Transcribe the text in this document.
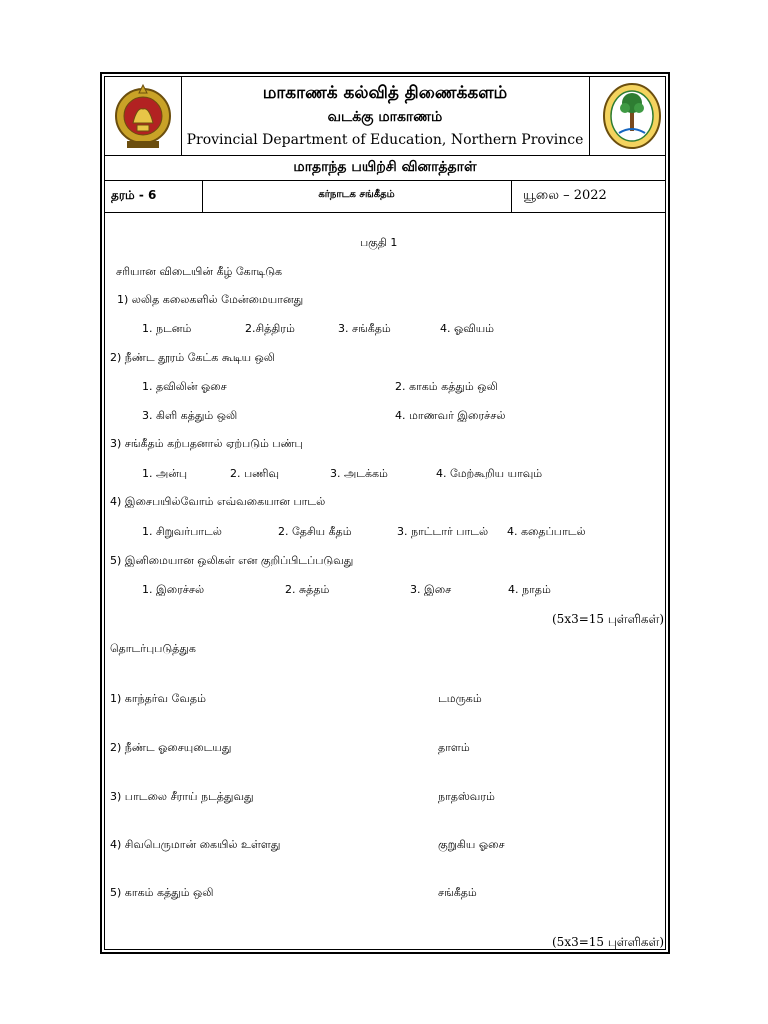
மாகாணக் கல்வித் திணைக்களம்
வடக்கு மாகாணம்
Provincial Department of Education, Northern Province
மாதாந்த பயிற்சி வினாத்தாள்
தரம் - 6	கர்நாடக சங்கீதம்	யூலை – 2022
பகுதி 1
சரியான விடையின் கீழ் கோடிடுக
1) லலித கலைகளில் மேன்மையானது
1. நடனம்	2.சித்திரம்	3. சங்கீதம்	4. ஓவியம்
2) நீண்ட தூரம் கேட்க கூடிய ஒலி
1. தவிலின் ஓசை	2. காகம் கத்தும் ஒலி
3. கிளி கத்தும் ஒலி	4. மாணவர் இரைச்சல்
3) சங்கீதம் கற்பதனால் ஏற்படும் பண்பு
1. அன்பு	2. பணிவு	3. அடக்கம்	4. மேற்கூறிய யாவும்
4) இசைபயில்வோம் எவ்வகையான பாடல்
1. சிறுவர்பாடல்	2. தேசிய கீதம்	3. நாட்டார் பாடல் 4. கதைப்பாடல்
5) இனிமையான ஒலிகள் என குறிப்பிடப்படுவது
1. இரைச்சல்	2. சுத்தம்	3. இசை	4. நாதம்
(5x3=15 புள்ளிகள்)
தொடர்புபடுத்துக
1) காந்தர்வ வேதம்	டமருகம்
2) நீண்ட ஓசையுடையது	தாளம்
3) பாடலை சீராய் நடத்துவது	நாதஸ்வரம்
4) சிவபெருமான் கையில் உள்ளது	குறுகிய ஓசை
5) காகம் கத்தும் ஒலி	சங்கீதம்
(5x3=15 புள்ளிகள்)
